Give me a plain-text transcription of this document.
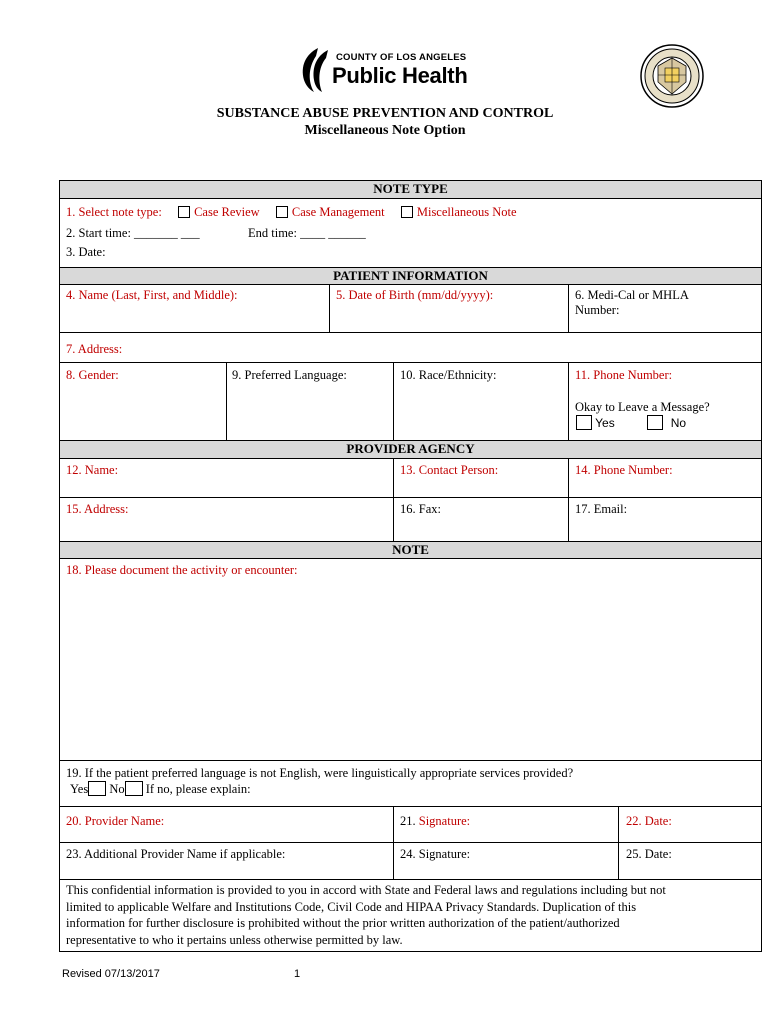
COUNTY OF LOS ANGELES
Public Health
SUBSTANCE ABUSE PREVENTION AND CONTROL
Miscellaneous Note Option
NOTE TYPE
1. Select note type:	Case Review	Case Management	Miscellaneous Note
2. Start time: _______ ___	End time: ____ ______
3. Date:
PATIENT INFORMATION
4. Name (Last, First, and Middle):	5. Date of Birth (mm/dd/yyyy):	6. Medi-Cal or MHLA
Number:
7. Address:
8. Gender:	9. Preferred Language:	10. Race/Ethnicity:	11. Phone Number:
Okay to Leave a Message?
Yes	No
PROVIDER AGENCY
12. Name:	13. Contact Person:	14. Phone Number:
15. Address:	16. Fax:	17. Email:
NOTE
18. Please document the activity or encounter:
19. If the patient preferred language is not English, were linguistically appropriate services provided?
Yes No If no, please explain:
20. Provider Name:	21. Signature:	22. Date:
23. Additional Provider Name if applicable:	24. Signature:	25. Date:
This confidential information is provided to you in accord with State and Federal laws and regulations including but not
limited to applicable Welfare and Institutions Code, Civil Code and HIPAA Privacy Standards. Duplication of this
information for further disclosure is prohibited without the prior written authorization of the patient/authorized
representative to who it pertains unless otherwise permitted by law.
Revised 07/13/2017	1
